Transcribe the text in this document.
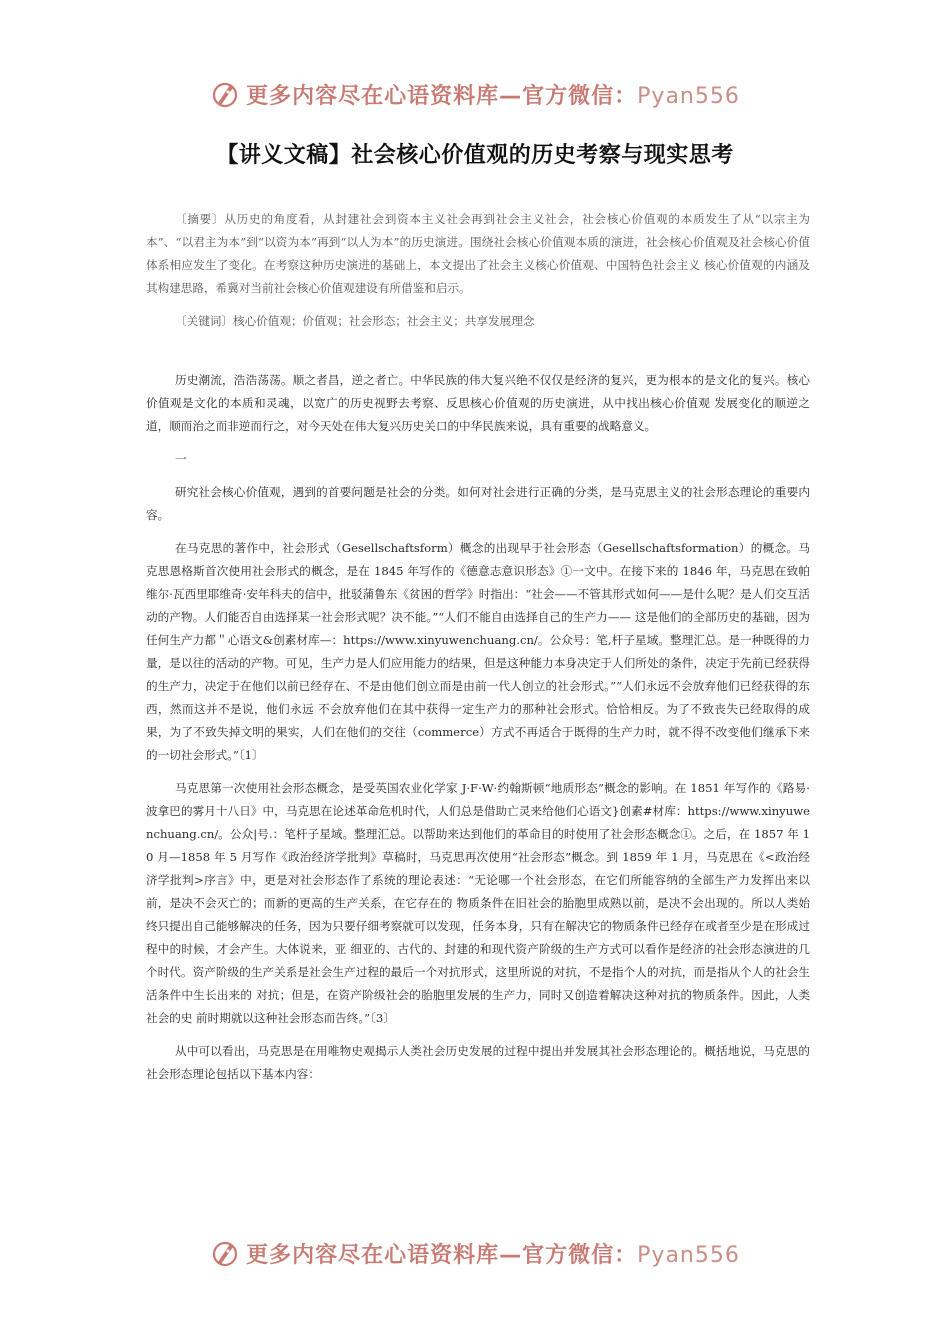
更多内容尽在心语资料库—官方微信：Pyan556
【讲义文稿】社会核心价值观的历史考察与现实思考

〔摘要〕从历史的角度看，从封建社会到资本主义社会再到社会主义社会，社会核心价值观的本质发生了从“以宗主为本”、“以君主为本”到“以资为本”再到“以人为本”的历史演进。围绕社会核心价值观本质的演进，社会核心价值观及社会核心价值体系相应发生了变化。在考察这种历史演进的基础上，本文提出了社会主义核心价值观、中国特色社会主义 核心价值观的内涵及其构建思路，希冀对当前社会核心价值观建设有所借鉴和启示。

〔关键词〕核心价值观；价值观；社会形态；社会主义；共享发展理念

历史潮流，浩浩荡荡。顺之者昌，逆之者亡。中华民族的伟大复兴绝不仅仅是经济的复兴，更为根本的是文化的复兴。核心价值观是文化的本质和灵魂，以宽广的历史视野去考察、反思核心价值观的历史演进，从中找出核心价值观 发展变化的顺逆之道，顺而治之而非逆而行之，对今天处在伟大复兴历史关口的中华民族来说，具有重要的战略意义。

一

研究社会核心价值观，遇到的首要问题是社会的分类。如何对社会进行正确的分类，是马克思主义的社会形态理论的重要内容。

在马克思的著作中，社会形式（Gesellschaftsform）概念的出现早于社会形态（Gesellschaftsformation）的概念。马克思恩格斯首次使用社会形式的概念，是在 1845 年写作的《德意志意识形态》①一文中。在接下来的 1846 年，马克思在致帕维尔·瓦西里耶维奇·安年科夫的信中，批驳蒲鲁东《贫困的哲学》时指出：“社会——不管其形式如何——是什么呢？是人们交互活动的产物。人们能否自由选择某一社会形式呢？决不能。”“人们不能自由选择自己的生产力—— 这是他们的全部历史的基础，因为任何生产力都＂心语文&创素材库—：https://www.xinyuwenchuang.cn/。公众号：笔,杆子星域。整理汇总。是一种既得的力量，是以往的活动的产物。可见，生产力是人们应用能力的结果，但是这种能力本身决定于人们所处的条件，决定于先前已经获得的生产力，决定于在他们以前已经存在、不是由他们创立而是由前一代人创立的社会形式。”“人们永远不会放弃他们已经获得的东西，然而这并不是说，他们永远 不会放弃他们在其中获得一定生产力的那种社会形式。恰恰相反。为了不致丧失已经取得的成果，为了不致失掉文明的果实，人们在他们的交往（commerce）方式不再适合于既得的生产力时，就不得不改变他们继承下来的一切社会形式。”〔1〕

马克思第一次使用社会形态概念，是受英国农业化学家 J·F·W·约翰斯顿“地质形态”概念的影响。在 1851 年写作的《路易·波拿巴的雾月十八日》中，马克思在论述革命危机时代，人们总是借助亡灵来给他们心语文}创素#材库：https://www.xinyuwenchuang.cn/。公众|号.：笔杆子星域。整理汇总。以帮助来达到他们的革命目的时使用了社会形态概念①。之后，在 1857 年 10 月—1858 年 5 月写作《政治经济学批判》草稿时，马克思再次使用“社会形态”概念。到 1859 年 1 月，马克思在《<政治经济学批判>序言》中，更是对社会形态作了系统的理论表述：“无论哪一个社会形态，在它们所能容纳的全部生产力发挥出来以前，是决不会灭亡的；而新的更高的生产关系，在它存在的 物质条件在旧社会的胎胞里成熟以前，是决不会出现的。所以人类始终只提出自己能够解决的任务，因为只要仔细考察就可以发现，任务本身，只有在解决它的物质条件已经存在或者至少是在形成过程中的时候，才会产生。大体说来，亚 细亚的、古代的、封建的和现代资产阶级的生产方式可以看作是经济的社会形态演进的几个时代。资产阶级的生产关系是社会生产过程的最后一个对抗形式，这里所说的对抗，不是指个人的对抗，而是指从个人的社会生活条件中生长出来的 对抗；但是，在资产阶级社会的胎胞里发展的生产力，同时又创造着解决这种对抗的物质条件。因此，人类社会的史 前时期就以这种社会形态而告终。”〔3〕

从中可以看出，马克思是在用唯物史观揭示人类社会历史发展的过程中提出并发展其社会形态理论的。概括地说，马克思的社会形态理论包括以下基本内容：

更多内容尽在心语资料库—官方微信：Pyan556
